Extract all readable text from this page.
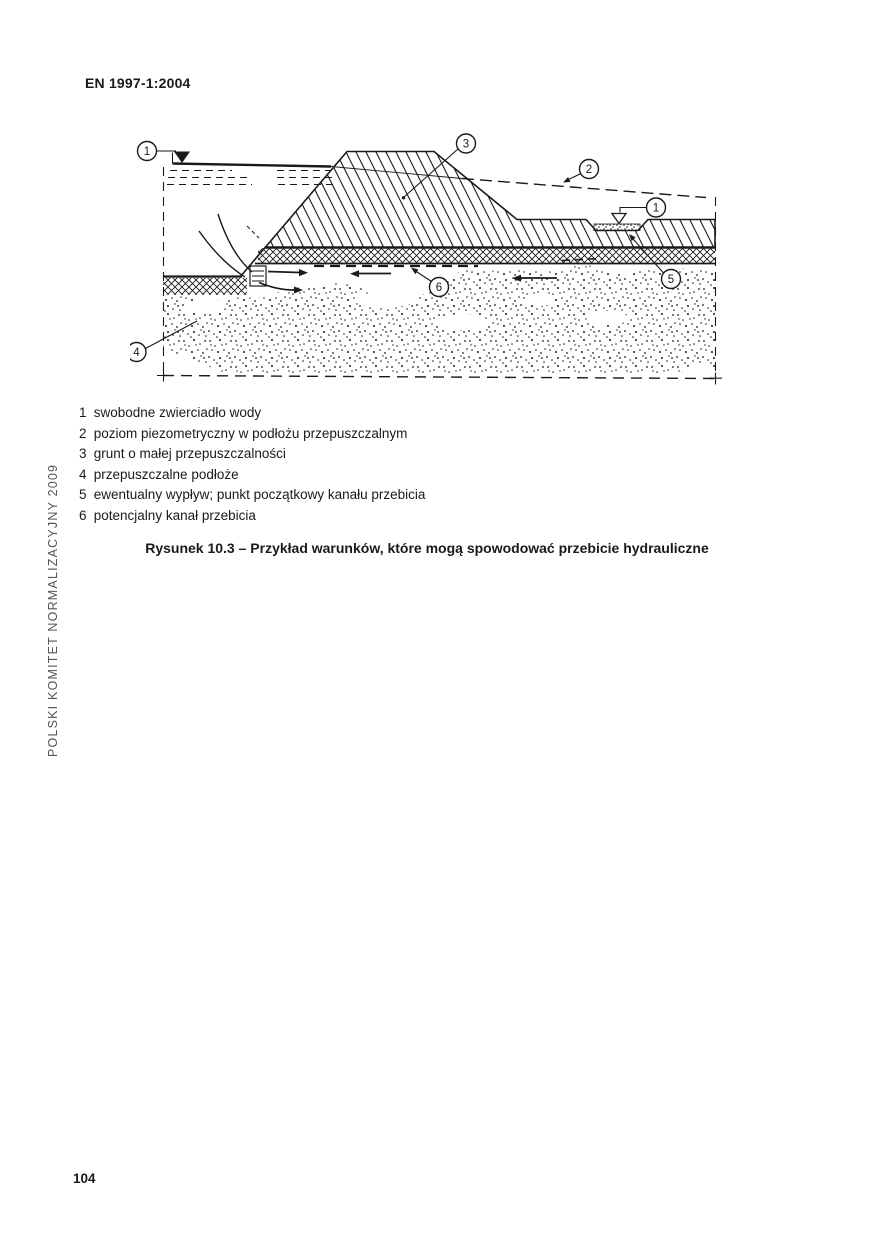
EN 1997-1:2004
1
3
2
1
5
6
4
1 swobodne zwierciadło wody
2 poziom piezometryczny w podłożu przepuszczalnym
3 grunt o małej przepuszczalności
4 przepuszczalne podłoże
5 ewentualny wypływ; punkt początkowy kanału przebicia
6 potencjalny kanał przebicia
Rysunek 10.3 – Przykład warunków, które mogą spowodować przebicie hydrauliczne
POLSKI KOMITET NORMALIZACYJNY 2009
104
